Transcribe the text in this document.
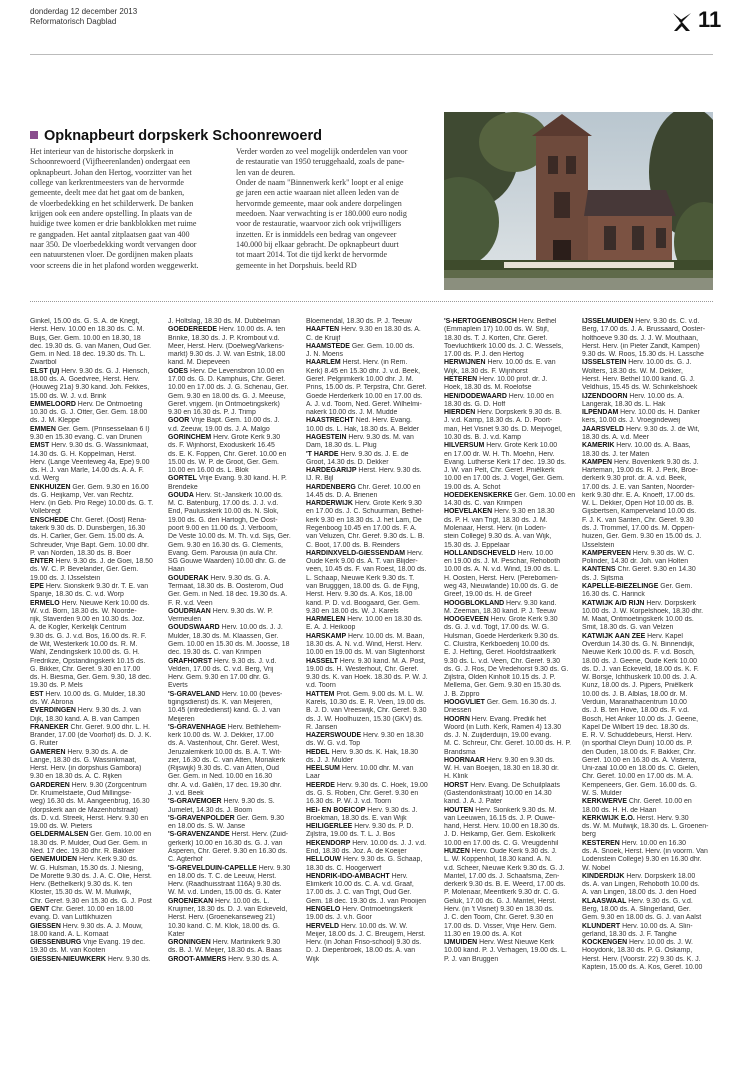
donderdag 12 december 2013
Reformatorisch Dagblad	11
Opknapbeurt dorpskerk Schoonrewoerd
Het interieur van de historische dorpskerk in
Schoonrewoerd (Vijfheerenlanden) ondergaat een
opknapbeurt. Johan den Hertog, voorzitter van het
college van kerkrentmeesters van de hervormde
gemeente, deelt mee dat het gaat om de banken,
de vloerbedekking en het schilderwerk. De banken
krijgen ook een andere opstelling. In plaats van de
huidige twee komen er drie bankblokken met ruime
re gangpaden. Het aantal zitplaatsen gaat van 400
naar 350. De vloerbedekking wordt vervangen door
een natuurstenen vloer. De gordijnen maken plaats
voor screens die in het plafond worden weggewerkt.
Verder worden zo veel mogelijk onderdelen van voor
de restauratie van 1950 teruggehaald, zoals de pane-
len van de deuren.
Onder de naam "Binnenwerk kerk" loopt er al enige
ge jaren een actie waaraan niet alleen leden van de
hervormde gemeente, maar ook andere dorpelingen
meedoen. Naar verwachting is er 180.000 euro nodig
voor de restauratie, waarvoor zich ook vrijwilligers
inzetten. Er is inmiddels een bedrag van ongeveer
140.000 bij elkaar gebracht. De opknapbeurt duurt
tot maart 2014. Tot die tijd kerkt de hervormde
gemeente in het Dorpshuis. beeld RD
Ginkel, 15.00 ds. G. S. A. de Knegt,
Herst. Herv. 10.00 en 18.30 ds. C. M.
Buijs, Ger. Gem. 10.00 en 18.30, 18
dec. 19.30 ds. G. van Manen, Oud Ger.
Gem. in Ned. 18 dec. 19.30 ds. Th. L.
Zwartbol
ELST (U) Herv. 9.30 ds. G. J. Hiensch,
18.00 ds. A. Goedvree, Herst. Herv.
(Houweg 21a) 9.30 kand. Joh. Fekkes,
15.00 ds. W. J. v.d. Brink
EMMELOORD Herv. De Ontmoeting
10.30 ds. G. J. Otter, Ger. Gem. 18.00
ds. J. M. Kleppe
EMMEN Ger. Gem. (Prinsesselaan 6 I)
9.30 en 15.30 evang. C. van Drunen
EMST Herv. 9.30 ds. G. Wassinkmaat,
14.30 ds. G. H. Koppelman, Herst.
Herv. (Lange Veenteweg 4a, Epe) 9.00
ds. H. J. van Marle, 14.00 ds. A. A. F.
v.d. Werg
ENKHUIZEN Ger. Gem. 9.30 en 16.00
ds. G. Heijkamp, Ver. van Rechtz.
Herv. (in Geb. Pro Rege) 10.00 ds. G. T.
Vollebregt
ENSCHEDE Chr. Geref. (Oost) Rena-
takerk 9.30 ds. D. Dunsbergen, 16.30
ds. H. Carlier, Ger. Gem. 15.00 ds. A.
Schreuder, Vrije Bapt. Gem. 10.00 dhr.
P. van Norden, 18.30 ds. B. Boer
ENTER Herv. 9.30 ds. J. de Goei, 18.50
ds. W. C. P. Bevelander, Ger. Gem.
19.00 ds. J. IJsselstein
EPE Herv. Sionskerk 9.30 dr. T. E. van
Spanje, 18.30 ds. C. v.d. Worp
ERMELO Herv. Nieuwe Kerk 10.00 ds.
W. v.d. Born, 18.30 ds. W. Noorde-
rijk, Staverden 9.00 en 10.30 ds. Joz.
A. de Kogler, Kerkelijk Centrum
9.30 ds. G. J. v.d. Bos, 16.00 ds. R. F.
de Wit, Westerkerk 10.00 ds. R. M.
Wahl, Zendingskerk 10.00 ds. G. H.
Fredrikze, Opstandingskerk 10.15 ds.
G. Bikker, Chr. Geref. 9.30 en 17.00
ds. H. Biesma, Ger. Gem. 9.30, 18 dec.
19.30 ds. P. Mels
EST Herv. 10.00 ds. G. Mulder, 18.30
ds. W. Abrona
EVERDINGEN Herv. 9.30 ds. J. van
Dijk, 18.30 kand. A. B. van Campen
FRANEKER Chr. Geref. 9.00 dhr. L. H.
Brander, 17.00 (de Voorhof) ds. D. J. K.
G. Ruiter
GAMEREN Herv. 9.30 ds. A. de
Lange, 18.30 ds. G. Wassinkmaat,
Herst. Herv. (in dorpshuis Gambora)
9.30 en 18.30 ds. A. C. Rijken
GARDEREN Herv. 9.30 (Zorgcentrum
Dr. Kruimelstaete, Oud Millingse-
weg) 16.30 ds. M. Aangeenbrug, 16.30
(dorpskerk aan de Mazenhofstraat)
ds. D. v.d. Streek, Herst. Herv. 9.30 en
19.00 ds. W. Pieters
GELDERMALSEN Ger. Gem. 10.00 en
18.30 ds. P. Mulder, Oud Ger. Gem. in
Ned. 17 dec. 19.30 dhr. R. Bakker
GENEMUIDEN Herv. Kerk 9.30 ds.
W. G. Hulsman, 15.30 ds. J. Niesing,
De Morette 9.30 ds. J. A. C. Olie, Herst.
Herv. (Bethelkerk) 9.30 ds. K. ten
Kloster, 15.30 ds. W. M. Muilwijk,
Chr. Geref. 9.30 en 15.30 ds. G. J. Post
GENT Chr. Geref. 10.00 en 18.00
evang. D. van Luttikhuizen
GIESSEN Herv. 9.30 ds. A. J. Mouw,
18.00 kand. A. L. Kornaat
GIESSENBURG Vrije Evang. 19 dec.
19.30 ds. M. van Kooten
GIESSEN-NIEUWKERK Herv. 9.30 ds.
J. Holtslag, 18.30 ds. M. Dubbelman
GOEDEREEDE Herv. 10.00 ds. A. ten
Brinke, 18.30 ds. J. P. Krombout v.d.
Meer, Herst. Herv. (Doelweg/Varkens-
markt) 9.30 ds. J. W. van Estrik, 18.00
kand. M. Diepeveen
GOES Herv. De Levensbron 10.00 en
17.00 ds. G. D. Kamphuis, Chr. Geref.
10.00 en 17.00 ds. J. G. Schenau, Ger.
Gem. 9.30 en 18.00 ds. G. J. Meeuse,
Geref. vrijgem. (in Ontmoetingskerk)
9.30 en 16.30 ds. P. J. Trimp
GOOR Vrije Bapt. Gem. 10.00 ds. J.
v.d. Zeeuw, 19.00 ds. J. A. Malgo
GORINCHEM Herv. Grote Kerk 9.30
ds. F. Wijnhorst, Exoduskerk 16.45
ds. E. K. Foppen, Chr. Geref. 10.00 en
15.00 ds. W. P. de Groot, Ger. Gem.
10.00 en 16.00 ds. L. Blok
GORTEL Vrije Evang. 9.30 kand. H. P.
Brendeke
GOUDA Herv. St.-Janskerk 10.00 ds.
M. C. Batenburg, 17.00 ds. J. J. v.d.
End, Paulusskerk 10.00 ds. N. Slok,
19.00 ds. G. den Hartogh, De Oost-
poort 9.00 en 11.00 ds. J. Verboom,
De Veste 10.00 ds. M. Th. v.d. Sijs, Ger.
Gem. 9.30 en 16.30 ds. G. Clements,
Evang. Gem. Parousia (in aula Chr.
SG Gouwe Waarden) 10.00 dhr. G. de
Haan
GOUDERAK Herv. 9.30 ds. G. A.
Termaat, 18.30 ds. B. Oosterom, Oud
Ger. Gem. in Ned. 18 dec. 19.30 ds. A.
F. R. v.d. Veen
GOUDRIAAN Herv. 9.30 ds. W. P.
Vermeulen
GOUDSWAARD Herv. 10.00 ds. J. J.
Mulder, 18.30 ds. M. Klaassen, Ger.
Gem. 10.00 en 15.30 ds. M. Joosse, 18
dec. 19.30 ds. C. van Krimpen
GRAFHORST Herv. 9.30 ds. J. v.d.
Velden, 17.00 ds. C. v.d. Berg, Vrij
Herv. Gem. 9.30 en 17.00 dhr. G.
Everts
'S-GRAVELAND Herv. 10.00 (beves-
tigingsdienst) ds. K. van Meijeren,
10.45 (intrededienst) kand. G. J. van
Meijeren
'S-GRAVENHAGE Herv. Bethlehem-
kerk 10.00 ds. W. J. Dekker, 17.00
ds. A. Vastenhout, Chr. Geref. West,
Jeruzalemkerk 10.00 ds. B. A. T. Wit-
zier, 16.30 ds. C. van Atten, Moriakerk
(Rijswijk) 9.30 ds. C. van Atten, Oud
Ger. Gem. in Ned. 10.00 en 16.30
dhr. A. v.d. Galiën, 17 dec. 19.30 dhr.
J. v.d. Beek
'S-GRAVEMOER Herv. 9.30 ds. S.
Jumelet, 14.30 ds. J. Boom
'S-GRAVENPOLDER Ger. Gem. 9.30
en 18.00 ds. S. W. Janse
'S-GRAVENZANDE Herst. Herv. (Zuid-
gerkerk) 10.00 en 16.30 ds. G. J. van
Asperen, Chr. Geref. 9.30 en 16.30 ds.
C. Agterhof
'S-GREVELDUIN-CAPELLE Herv. 9.30
en 18.00 ds. T. C. de Leeuw, Herst.
Herv. (Raadhuisstraat 116A) 9.30 ds.
W. M. v.d. Linden, 15.00 ds. G. Kater
GROENEKAN Herv. 10.00 ds. L.
Kruijmer, 18.30 ds. D. J. van Eckeveld,
Herst. Herv. (Groenekanseweg 21)
10.30 kand. C. M. Klok, 18.00 ds. G.
Kater
GRONINGEN Herv. Martinikerk 9.30
ds. B. J. W. Meijer, 18.30 ds. A. Baas
GROOT-AMMERS Herv. 9.30 ds. A.
Bloemendal, 18.30 ds. P. J. Teeuw
HAAFTEN Herv. 9.30 en 18.30 ds. A.
C. de Kruijf
HAAMSTEDE Ger. Gem. 10.00 ds.
J. N. Moens
HAARLEM Herst. Herv. (in Rem.
Kerk) 8.45 en 15.30 dhr. J. v.d. Beek,
Geref. Pelgrimkerk 10.00 dhr. J. M.
Prins, 15.00 ds. P. Terpstra, Chr. Geref.
Goede Herderkerk 10.00 en 17.00 ds.
A. J. v.d. Toorn, Ned. Geref. Wilhelmi-
nakerk 10.00 ds. J. M. Mudde
HAASTRECHT Ned. Herv. Evang.
10.00 ds. L. Hak, 18.30 ds. A. Belder
HAGESTEIN Herv. 9.30 ds. M. van
Dam, 18.30 ds. L. Plug
'T HARDE Herv. 9.30 ds. J. E. de
Groot, 14.30 ds. D. Dekker
HARDEGARIJP Herst. Herv. 9.30 ds.
IJ. R. Bijl
HARDENBERG Chr. Geref. 10.00 en
14.45 ds. D. A. Brienen
HARDERWIJK Herv. Grote Kerk 9.30
en 17.00 ds. J. C. Schuurman, Bethel-
kerk 9.30 en 18.30 ds. J. het Lam, De
Regenboog 10.45 en 17.00 ds. F. A.
van Veluzen, Chr. Geref. 9.30 ds. L. B.
C. Boot, 17.00 ds. B. Reinders
HARDINXVELD-GIESSENDAM Herv.
Oude Kerk 9.00 ds. A. T. van Blijder-
veen, 10.45 ds. F. van Roest, 18.00 ds.
L. Schaap, Nieuwe Kerk 9.30 ds. T.
van Brugggen, 18.00 ds. G. de Fijng,
Herst. Herv. 9.30 ds. A. Kos, 18.00
kand. P. D. v.d. Boogaard, Ger. Gem.
9.30 en 18.00 ds. W. J. Karels
HARMELEN Herv. 10.00 en 18.30 ds.
E. A. J. Heikoop
HARSKAMP Herv. 10.00 ds. M. Baan,
18.30 ds. A. N. v.d. Wind, Herst. Herv.
10.00 en 19.00 ds. M. van Sligtenhorst
HASSELT Herv. 9.30 kand. M. A. Post,
19.00 ds. H. Westerhout, Chr. Geref.
9.30 ds. K. van Hoek. 18.30 ds. P. W. J.
v.d. Toorn
HATTEM Prot. Gem. 9.00 ds. M. L. W.
Karels, 10.30 ds. E. R. Veen, 19.00 ds.
B. J. D. van Vreeswijk, Chr. Geref. 9.30
ds. J. W. Hoolhuizen, 15.30 (GKV) ds.
R. Jansen
HAZERSWOUDE Herv. 9.30 en 18.30
ds. W. G. v.d. Top
HEDEL Herv. 9.30 ds. K. Hak, 18.30
ds. J. J. Mulder
HEELSUM Herv. 10.00 dhr. M. van
Laar
HEERDE Herv. 9.30 ds. C. Hoek, 19.00
ds. G. S. Roben, Chr. Geref. 9.30 en
16.30 ds. P. W. J. v.d. Toorn
HEI- EN BOEICOP Herv. 9.30 ds. J.
Broekman, 18.30 ds. E. van Wijk
HEILIGERLEE Herv. 9.30 ds. P. D.
Zijlstra, 19.00 ds. T. L. J. Bos
HEKENDORP Herv. 10.00 ds. J. J. v.d.
End, 18.30 ds. Joz. A. de Koeijer
HELLOUW Herv. 9.30 ds. G. Schaap,
18.30 ds. C. Hoogerwerf
HENDRIK-IDO-AMBACHT Herv.
Elimkerk 10.00 ds. C. A. v.d. Graaf,
17.00 ds. J. C. van Trigt, Oud Ger.
Gem. 18 dec. 19.30 ds. J. van Prooijen
HENGELO Herv. Ontmoetingskerk
19.00 ds. J. v.h. Goor
HERVELD Herv. 10.00 ds. W. W.
Meijer, 18.00 ds. J. C. Breugem, Herst.
Herv. (in Johan Friso-school) 9.30 ds.
D. J. Diepenbroek, 18.00 ds. A. van
Wijk
'S-HERTOGENBOSCH Herv. Bethel
(Emmaplein 17) 10.00 ds. W. Stijf,
18.30 ds. T. J. Korten, Chr. Geref.
Toevluchtkerk 10.00 ds. J. C. Wessels,
17.00 ds. P. J. den Hertog
HERWIJNEN Herv. 10.00 ds. E. van
Wijk, 18.30 ds. F. Wijnhorst
HETEREN Herv. 10.00 prof. dr. J.
Hoek, 18.30 ds. M. Roelofse
HEN/DODEWAARD Herv. 10.00 en
18.30 ds. G. D. Hoff
HIERDEN Herv. Dorpskerk 9.30 ds. B.
J. v.d. Kamp, 18.30 ds. A. D. Poort-
man, Het Visnet 9.30 ds. D. Meijvogel,
10.30 ds. B. J. v.d. Kamp
HILVERSUM Herv. Grote Kerk 10.00
en 17.00 dr. W. H. Th. Moehn, Herv.
Evang. Lutherse Kerk 17 dec. 19.30 ds.
J. W. van Pelt, Chr. Geref. Pniëlkerk
10.00 en 17.00 ds. J. Vogel, Ger. Gem.
19.00 ds. A. Schot
HOEDEKENSKERKE Ger. Gem. 10.00 en
14.30 ds. C. van Krimpen
HOEVELAKEN Herv. 9.30 en 18.30
ds. P. H. van Trigt, 18.30 ds. J. M.
Molenaar, Herst. Herv. (in Loden-
stein College) 9.30 ds. A. van Wijk,
15.30 ds. J. Eppelaar
HOLLANDSCHEVELD Herv. 10.00
en 19.00 ds. J. M. Peschar, Rehoboth
10.00 ds. A. N. v.d. Wind, 19.00 ds. L.
H. Oosten, Herst. Herv. (Perebomen-
weg 43, Nieuwlande) 10.00 ds. G. de
Greef, 19.00 ds. H. de Greef
HOOGBLOKLAND Herv. 9.30 kand.
M. Zeeman, 18.30 kand. P. J. Teeuw
HOOGEVEEN Herv. Grote Kerk 9.30
ds. G. J. v.d. Togt, 17.00 ds. W. G.
Hulsman, Goede Herderkerk 9.30 ds.
C. Cluistra, Kerkboederij 10.00 ds.
E. J. Hefting, Geref. Hoofdstraatkerk
9.30 ds. L. v.d. Veen, Chr. Geref. 9.30
ds. G. J. Ros, De Vredehorst 9.30 ds. G.
Zijlstra, Olden Kinholt 10.15 ds. J. P.
Mellema, Ger. Gem. 9.30 en 15.30 ds.
J. B. Zippro
HOOGVLIET Ger. Gem. 16.30 ds. J.
Driessen
HOORN Herv. Evang. Prediik het
Woord (in Luth. Kerk, Ramen 4) 13.30
ds. J. N. Zuijderduijn, 19.00 evang.
M. C. Schreur, Chr. Geref. 10.00 ds. H. P.
Brandsma
HOORNAAR Herv. 9.30 en 9.30 ds.
W. H. van Boeijen, 18.30 en 18.30 dr.
H. Klink
HORST Herv. Evang. De Schuilplaats
(Gastendonkstraat) 10.00 en 14.30
kand. J. A. J. Pater
HOUTEN Herv. Sionkerk 9.30 ds. M.
van Leeuwen, 16.15 ds. J. P. Ouwe-
hand, Herst. Herv. 10.00 en 18.30 ds.
J. D. Heikamp, Ger. Gem. Eskolkerk
10.00 en 17.00 ds. C. G. Vreugdenhil
HUIZEN Herv. Oude Kerk 9.30 ds. J.
L. W. Koppenhol, 18.30 kand. A. N.
v.d. Scheer, Nieuwe Kerk 9.30 ds. G. J.
Mantel, 17.00 ds. J. Schaafsma, Zen-
derkerk 9.30 ds. B. E. Weerd, 17.00 ds.
P. Molenaar, Meentkerk 9.30 dr. C. G.
Geluk, 17.00 ds. G. J. Mantel, Herst.
Herv. (in 't Visnet) 9.30 en 18.30 ds.
J. C. den Toom, Chr. Geref. 9.30 en
17.00 ds. D. Visser, Vrije Herv. Gem.
11.30 en 19.00 ds. A. Kot
IJMUIDEN Herv. West Nieuwe Kerk
10.00 kand. P. J. Verhagen, 19.00 ds. L.
P. J. van Bruggen
IJSSELMUIDEN Herv. 9.30 ds. C. v.d.
Berg, 17.00 ds. J. A. Brussaard, Ooster-
holthoeve 9.30 ds. J. J. W. Mouthaan,
Herst. Herv. (in Pieter Zandt, Kampen)
9.30 ds. W. Roos, 15.30 ds. H. Lassche
IJSSELSTEIN Herv. 10.00 ds. G. J.
Wolters, 18.30 ds. W. M. Dekker,
Herst. Herv. Bethel 10.00 kand. G. J.
Veldhuis, 15.45 ds. W. Schinkelshoek
IJZENDOORN Herv. 10.00 ds. A.
Langerak, 18.30 ds. L. Hak
ILPENDAM Herv. 10.00 ds. H. Danker
kers, 10.00 ds. J. Vroegindeweij
JAARSVELD Herv. 9.30 ds. J. de Wit,
18.30 ds. A. v.d. Meer
KAMERIK Herv. 10.00 ds. A. Baas,
18.30 ds. J. ter Maten
KAMPEN Herv. Bovenkerk 9.30 ds. J.
Harteman, 19.00 ds. R. J. Perk, Broe-
derkerk 9.30 prof. dr. A. v.d. Beek,
17.00 ds. J. E. van Santen, Noorder-
kerk 9.30 dhr. E. A. Knoeff, 17.00 ds.
W. L. Dekker, Open Hof 10.00 ds. B.
Gijsbertsen, Kamperveland 10.00 ds.
F. J. K. van Santen, Chr. Geref. 9.30
ds. J. Trommel, 17.00 ds. M. Oppen-
huizen, Ger. Gem. 9.30 en 15.00 ds. J.
IJsselstein
KAMPERVEEN Herv. 9.30 ds. W. C.
Polinder, 14.30 dr. Joh. van Holten
KANTENS Chr. Geref. 9.30 en 14.30
ds. J. Sijtsma
KAPELLE-BIEZELINGE Ger. Gem.
16.30 ds. C. Harinck
KATWIJK A/D RIJN Herv. Dorpskerk
10.00 ds. J. W. Korpelshoek, 18.30 dhr.
M. Maat, Ontmoetingskerk 10.00 ds.
Smit, 18.30 ds. G. van Velzen
KATWIJK AAN ZEE Herv. Kapel
Overduin 14.30 ds. G. N. Binnendijk,
Nieuwe Kerk 10.00 ds. F. v.d. Bosch,
18.00 ds. J. Geene, Oude Kerk 10.00
ds. D. J. van Eckeveld, 18.00 ds. K. F.
W. Borsje, Ichthuskerk 10.00 ds. J. A.
Kunz, 18.00 ds. J. Pijpers, Pniëlkerk
10.00 ds. J. B. Alblas, 18.00 dr. M.
Verduin, Maranathacentrum 10.00
ds. J. B. ten Hove, 18.00 ds. F. v.d.
Bosch, Het Anker 10.00 ds. J. Geene,
Kapel De Wilbert 19 dec. 18.30 ds.
E. R. V. Schuddebeurs, Herst. Herv.
(in sporthal Cleyn Duin) 10.00 ds. P.
den Ouden, 18.00 ds. F. Bakker, Chr.
Geref. 10.00 en 16.30 ds. A. Visterra,
Uni-zaal 10.00 en 18.00 ds. C. Gielen,
Chr. Geref. 10.00 en 17.00 ds. M. A.
Kempeneers, Ger. Gem. 16.00 ds. G.
W. S. Mulder
KERKWERVE Chr. Geref. 10.00 en
18.00 ds. H. H. de Haan
KERKWIJK E.O. Herst. Herv. 9.30
ds. W. M. Muilwijk, 18.30 ds. L. Groenen-
berg
KESTEREN Herv. 10.00 en 16.30
ds. A. Snoek, Herst. Herv. (in voorm. Van
Lodenstein College) 9.30 en 16.30 dhr.
W. Nobel
KINDERDIJK Herv. Dorpskerk 18.00
ds. A. van Lingen, Rehoboth 10.00 ds.
A. van Lingen, 18.00 ds. J. den Hoed
KLAASWAAL Herv. 9.30 ds. G. v.d.
Berg, 18.00 ds. A. Slingerland, Ger.
Gem. 9.30 en 18.00 ds. G. J. van Aalst
KLUNDERT Herv. 10.00 ds. A. Slin-
gerland, 18.30 ds. J. F. Tanghe
KOCKENGEN Herv. 10.00 ds. J. W.
Hooydonk, 18.30 ds. P. G. Oskamp,
Herst. Herv. (Voorstr. 22) 9.30 ds. K. J.
Kaptein, 15.00 ds. A. Kos, Geref. 10.00
